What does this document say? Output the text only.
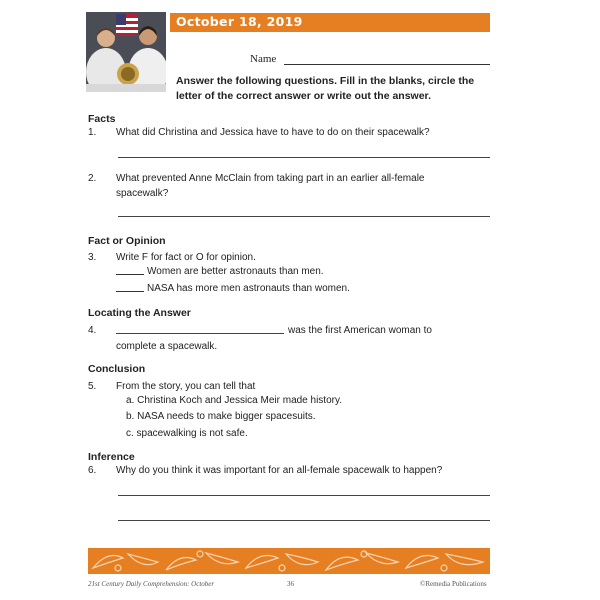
October 18, 2019
Name
Answer the following questions. Fill in the blanks, circle the letter of the correct answer or write out the answer.
Facts
1. What did Christina and Jessica have to have to do on their spacewalk?
2. What prevented Anne McClain from taking part in an earlier all-female
spacewalk?
Fact or Opinion
3. Write F for fact or O for opinion.
Women are better astronauts than men.
NASA has more men astronauts than women.
Locating the Answer
4.	was the first American woman to
complete a spacewalk.
Conclusion
5. From the story, you can tell that
a. Christina Koch and Jessica Meir made history.
b. NASA needs to make bigger spacesuits.
c. spacewalking is not safe.
Inference
6. Why do you think it was important for an all-female spacewalk to happen?
21st Century Daily Comprehension: October	36	©Remedia Publications
